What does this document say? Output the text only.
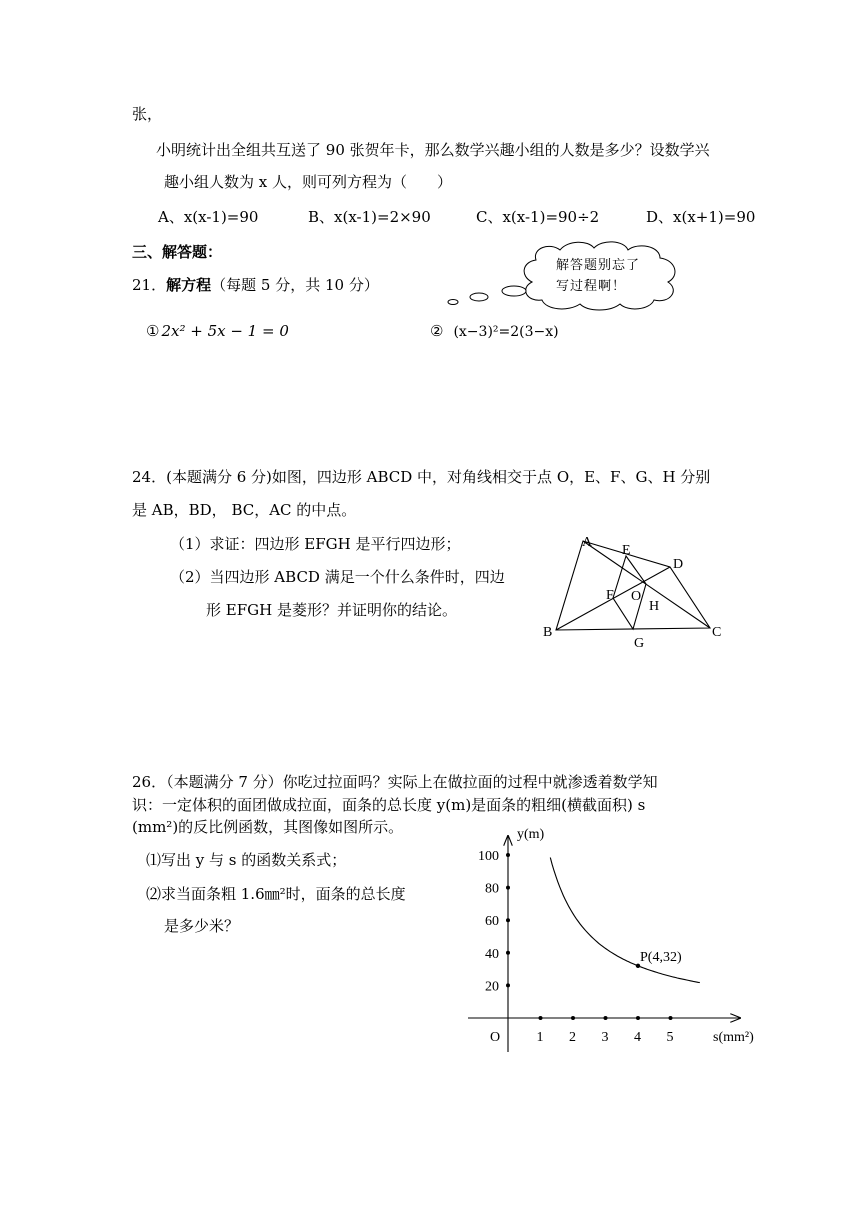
张，
小明统计出全组共互送了 90 张贺年卡，那么数学兴趣小组的人数是多少？设数学兴
趣小组人数为 x 人，则可列方程为（　　）
A、x(x-1)=90	B、x(x-1)=2×90	C、x(x-1)=90÷2	D、x(x+1)=90
三、解答题：
21．解方程（每题 5 分，共 10 分）
解答题别忘了
写过程啊！
① 2x² + 5x − 1 = 0	② (x−3)²=2(3−x)
24．(本题满分 6 分)如图，四边形 ABCD 中，对角线相交于点 O，E、F、G、H 分别
是 AB，BD， BC，AC 的中点。
（1）求证：四边形 EFGH 是平行四边形；
（2）当四边形 ABCD 满足一个什么条件时，四边
形 EFGH 是菱形？并证明你的结论。
A
E
D
F O
H
B	C
G
26．（本题满分 7 分）你吃过拉面吗？实际上在做拉面的过程中就渗透着数学知
识：一定体积的面团做成拉面，面条的总长度 y(m)是面条的粗细(横截面积) s
(mm²)的反比例函数，其图像如图所示。
⑴写出 y 与 s 的函数关系式；
⑵求当面条粗 1.6㎜²时，面条的总长度
是多少米？
1 2 3 4 5
20
40
60
80
100
y(m)
s(mm²)
O
P(4,32)
